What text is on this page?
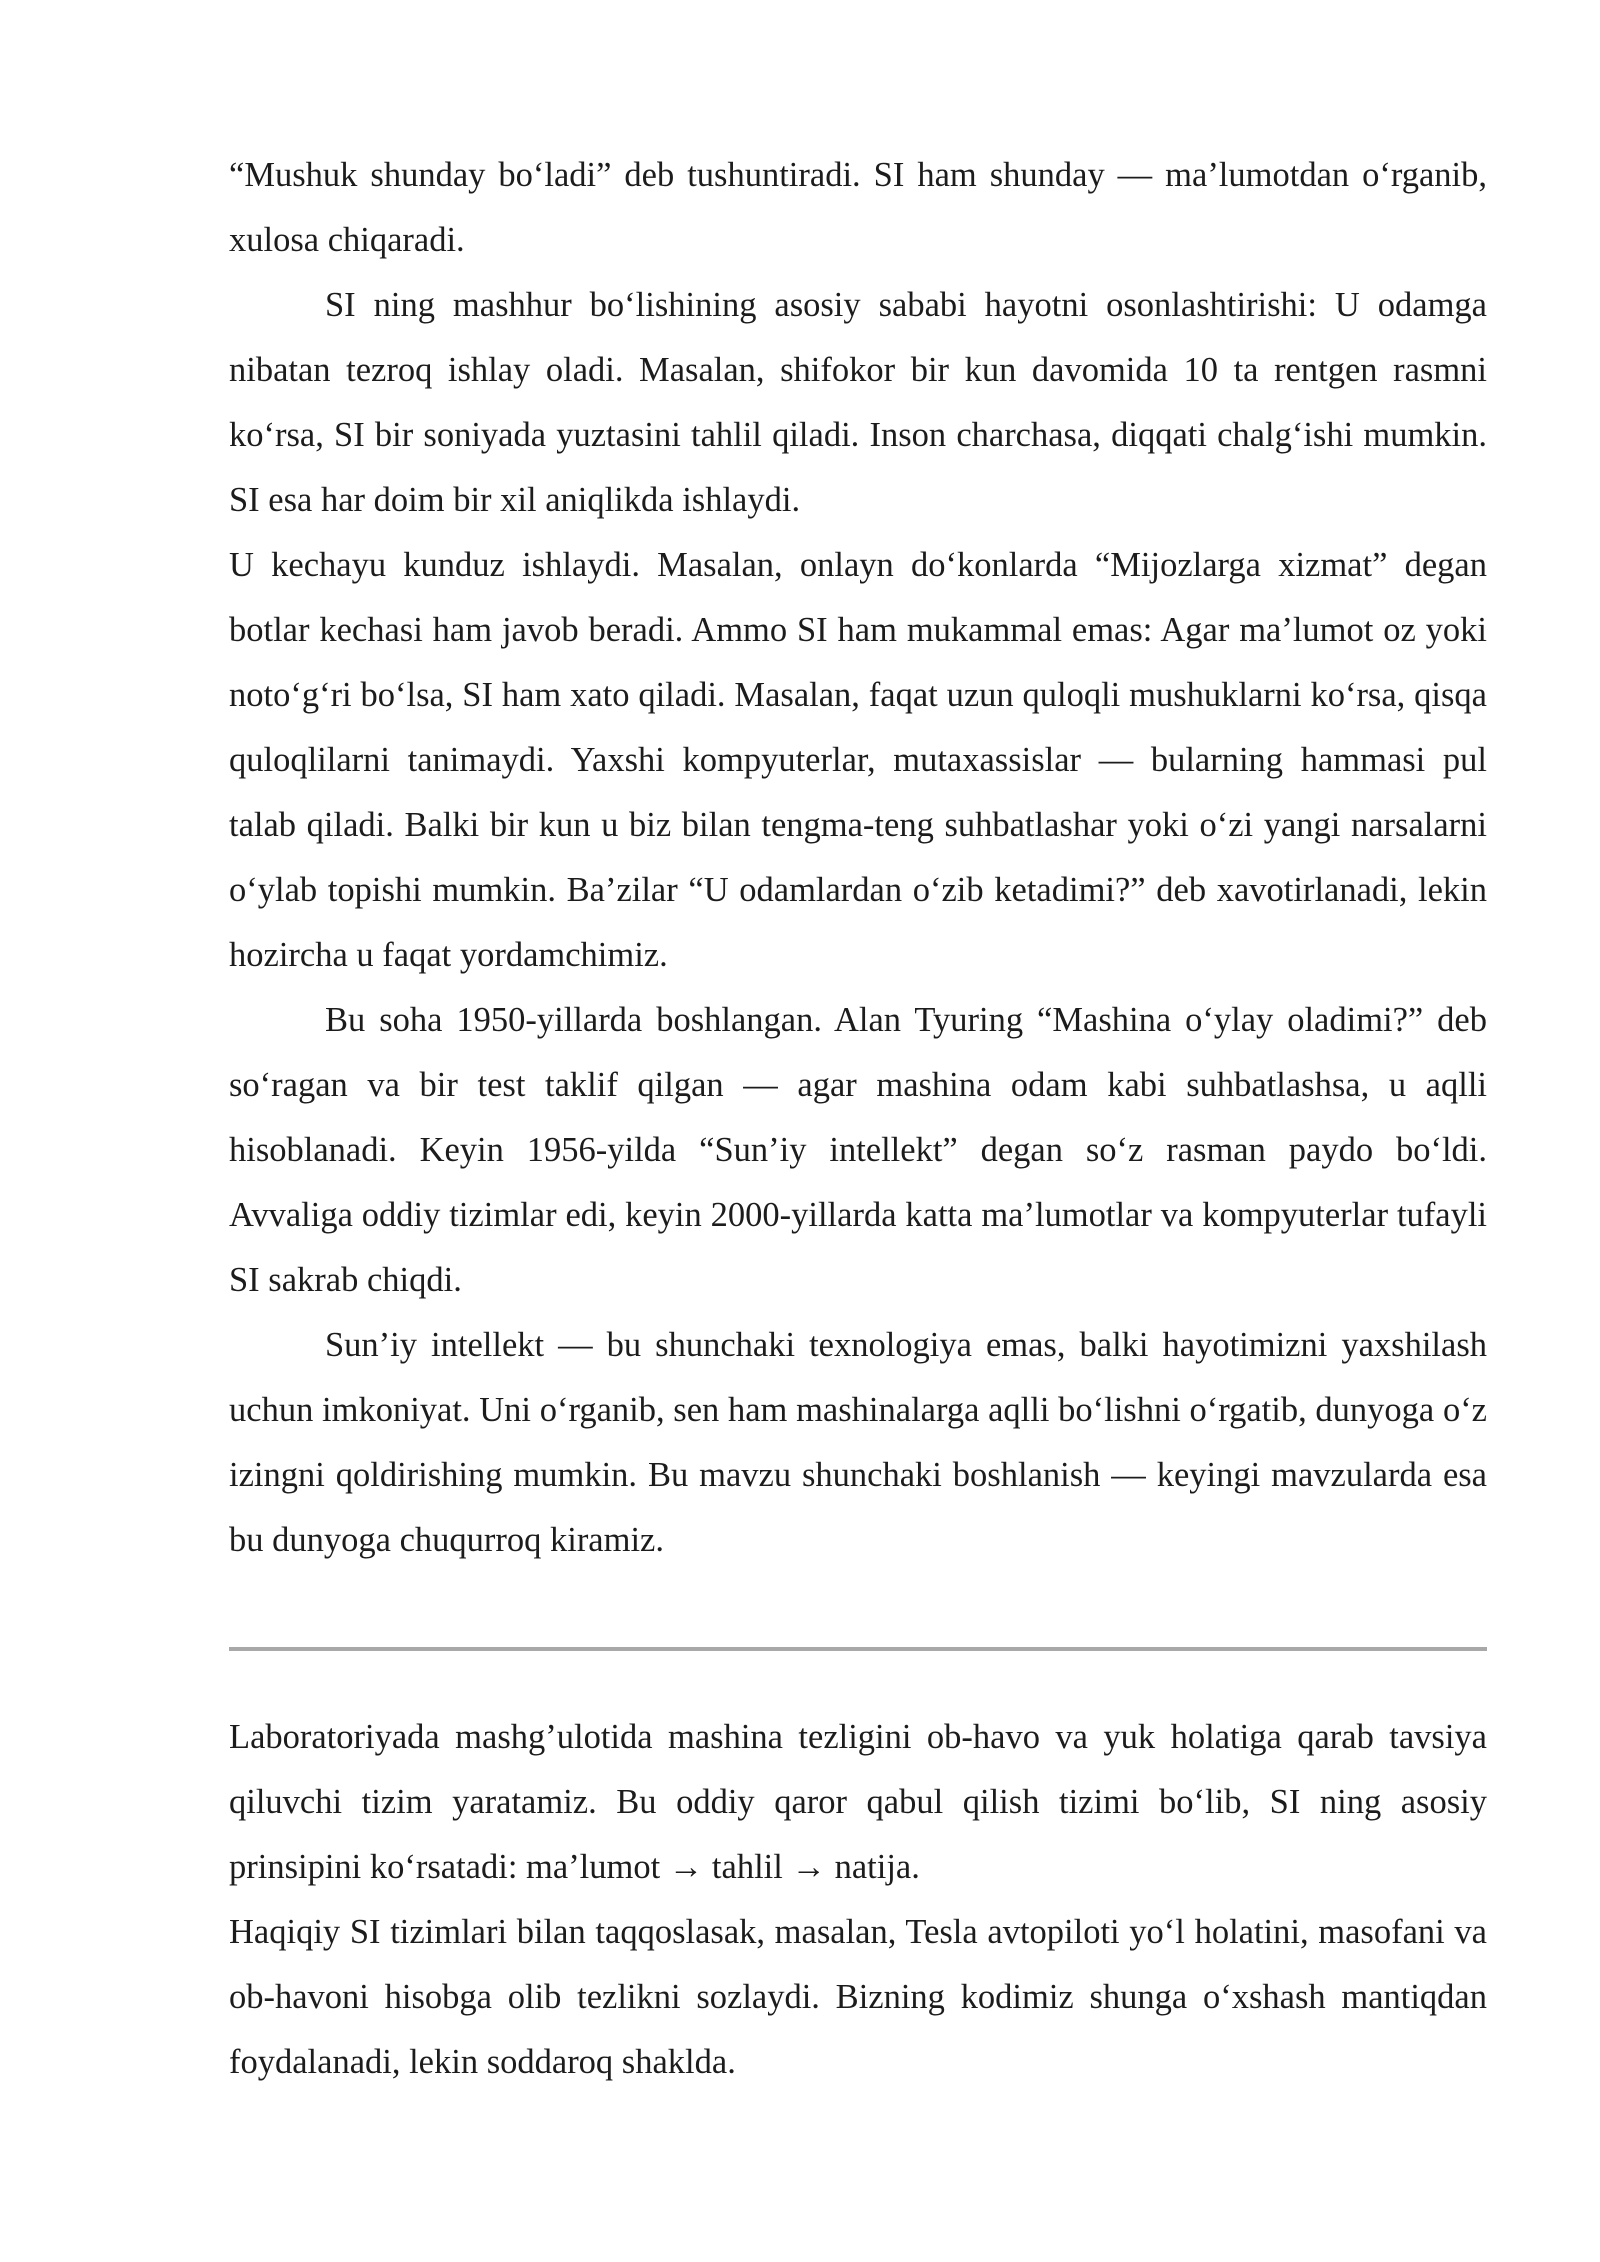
“Mushuk shunday bo‘ladi” deb tushuntiradi. SI ham shunday — ma’lumotdan o‘rganib, xulosa chiqaradi.

SI ning mashhur bo‘lishining asosiy sababi hayotni osonlashtirishi: U odamga nibatan tezroq ishlay oladi. Masalan, shifokor bir kun davomida 10 ta rentgen rasmni ko‘rsa, SI bir soniyada yuztasini tahlil qiladi. Inson charchasa, diqqati chalg‘ishi mumkin. SI esa har doim bir xil aniqlikda ishlaydi.

U kechayu kunduz ishlaydi. Masalan, onlayn do‘konlarda “Mijozlarga xizmat” degan botlar kechasi ham javob beradi. Ammo SI ham mukammal emas: Agar ma’lumot oz yoki noto‘g‘ri bo‘lsa, SI ham xato qiladi. Masalan, faqat uzun quloqli mushuklarni ko‘rsa, qisqa quloqlilarni tanimaydi. Yaxshi kompyuterlar, mutaxassislar — bularning hammasi pul talab qiladi. Balki bir kun u biz bilan tengma-teng suhbatlashar yoki o‘zi yangi narsalarni o‘ylab topishi mumkin. Ba’zilar “U odamlardan o‘zib ketadimi?” deb xavotirlanadi, lekin hozircha u faqat yordamchimiz.

Bu soha 1950-yillarda boshlangan. Alan Tyuring “Mashina o‘ylay oladimi?” deb so‘ragan va bir test taklif qilgan — agar mashina odam kabi suhbatlashsa, u aqlli hisoblanadi. Keyin 1956-yilda “Sun’iy intellekt” degan so‘z rasman paydo bo‘ldi. Avvaliga oddiy tizimlar edi, keyin 2000-yillarda katta ma’lumotlar va kompyuterlar tufayli SI sakrab chiqdi.

Sun’iy intellekt — bu shunchaki texnologiya emas, balki hayotimizni yaxshilash uchun imkoniyat. Uni o‘rganib, sen ham mashinalarga aqlli bo‘lishni o‘rgatib, dunyoga o‘z izingni qoldirishing mumkin. Bu mavzu shunchaki boshlanish — keyingi mavzularda esa bu dunyoga chuqurroq kiramiz.

Laboratoriyada mashg’ulotida mashina tezligini ob-havo va yuk holatiga qarab tavsiya qiluvchi tizim yaratamiz. Bu oddiy qaror qabul qilish tizimi bo‘lib, SI ning asosiy prinsipini ko‘rsatadi: ma’lumot → tahlil → natija.

Haqiqiy SI tizimlari bilan taqqoslasak, masalan, Tesla avtopiloti yo‘l holatini, masofani va ob-havoni hisobga olib tezlikni sozlaydi. Bizning kodimiz shunga o‘xshash mantiqdan foydalanadi, lekin soddaroq shaklda.
